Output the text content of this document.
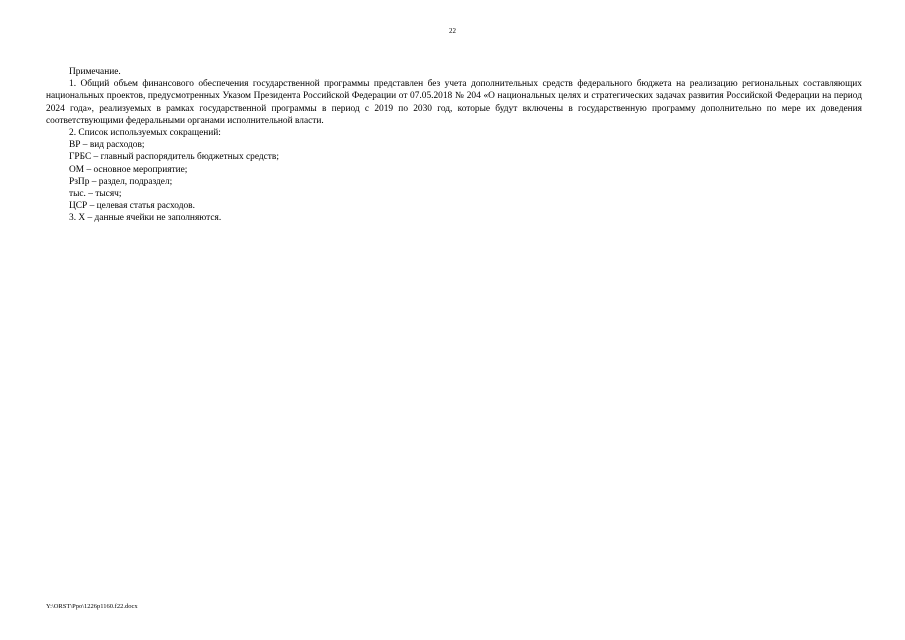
22

Примечание.

1. Общий объем финансового обеспечения государственной программы представлен без учета дополнительных средств федерального бюджета на реализацию региональных составляющих национальных проектов, предусмотренных Указом Президента Российской Федерации от 07.05.2018 № 204 «О национальных целях и стратегических задачах развития Российской Федерации на период 2024 года», реализуемых в рамках государственной программы в период с 2019 по 2030 год, которые будут включены в государственную программу дополнительно по мере их доведения соответствующими федеральными органами исполнительной власти.

2. Список используемых сокращений:

ВР – вид расходов;

ГРБС – главный распорядитель бюджетных средств;

ОМ – основное мероприятие;

РзПр – раздел, подраздел;

тыс. – тысяч;

ЦСР – целевая статья расходов.

3. Х – данные ячейки не заполняются.

Y:\ORST\Ppo\1226p1160.f22.docx
